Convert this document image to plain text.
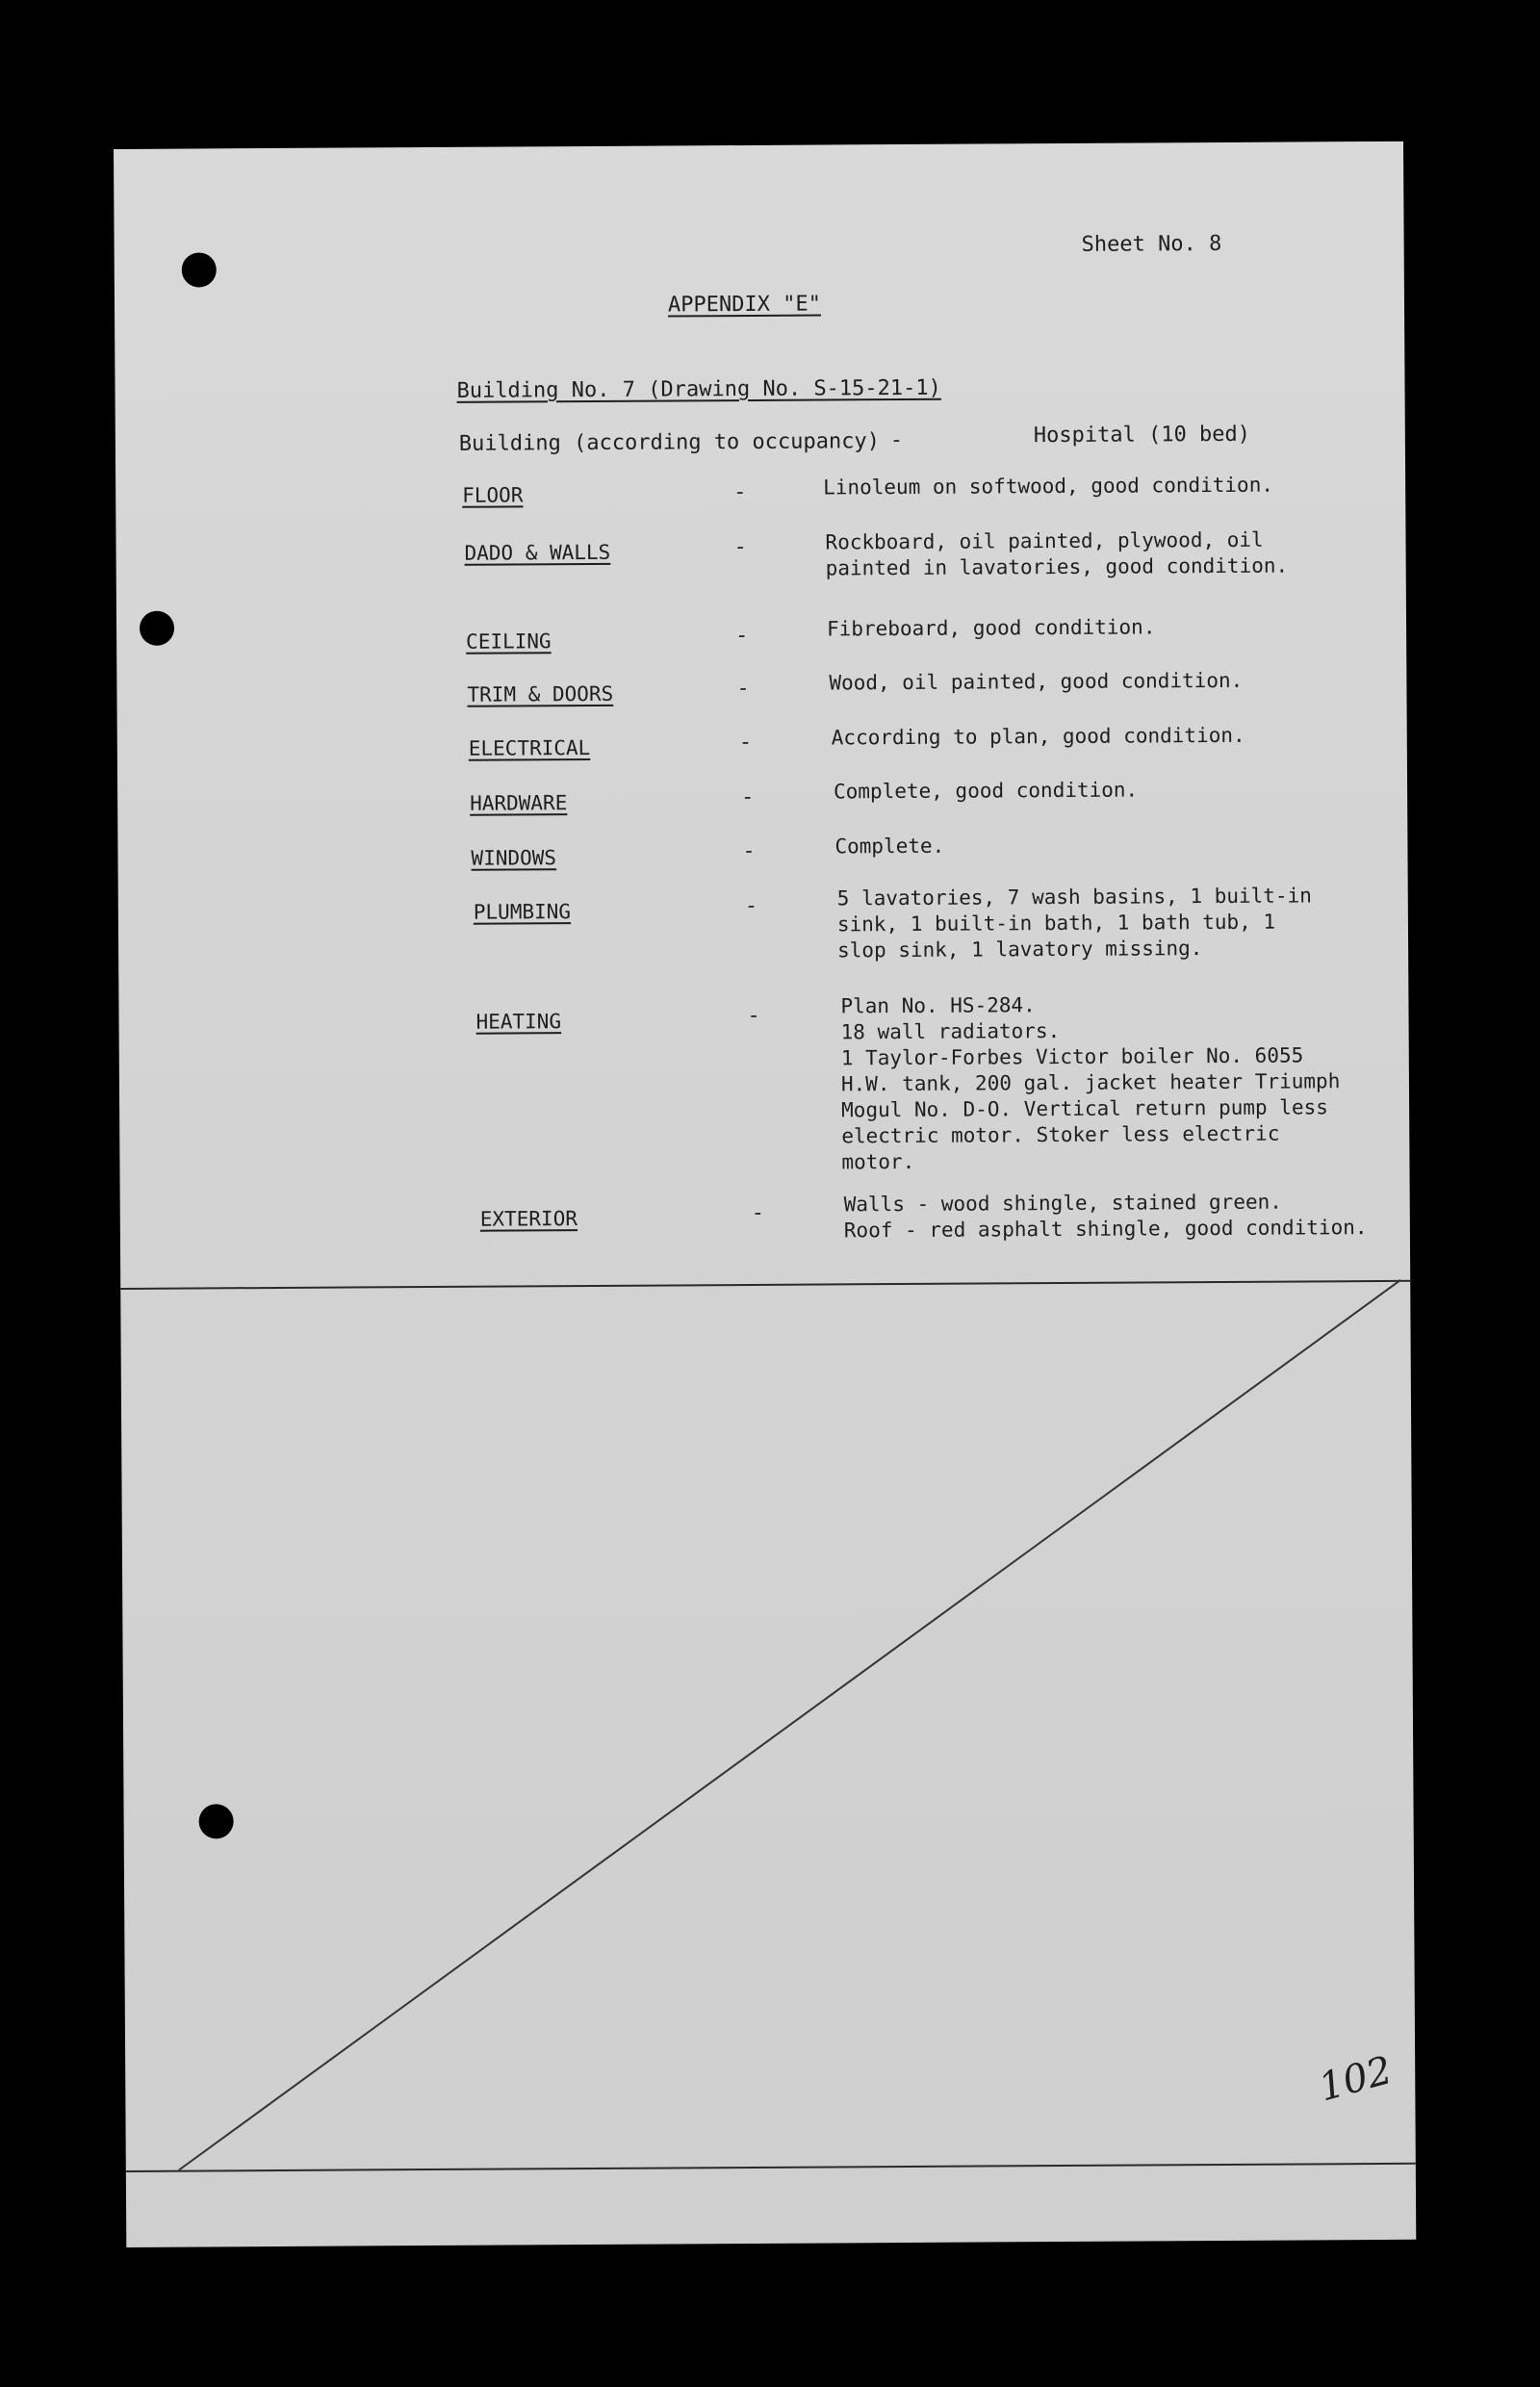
Sheet No. 8
APPENDIX "E"
Building No. 7 (Drawing No. S-15-21-1)
Building (according to occupancy) -	Hospital (10 bed)
FLOOR	-	Linoleum on softwood, good condition.
DADO & WALLS	-	Rockboard, oil painted, plywood, oil
painted in lavatories, good condition.
CEILING	-	Fibreboard, good condition.
TRIM & DOORS	-	Wood, oil painted, good condition.
ELECTRICAL	-	According to plan, good condition.
HARDWARE	-	Complete, good condition.
WINDOWS	-	Complete.
PLUMBING	-	5 lavatories, 7 wash basins, 1 built-in
sink, 1 built-in bath, 1 bath tub, 1
slop sink, 1 lavatory missing.
HEATING	-	Plan No. HS-284.
18 wall radiators.
1 Taylor-Forbes Victor boiler No. 6055
H.W. tank, 200 gal. jacket heater Triumph
Mogul No. D-O. Vertical return pump less
electric motor. Stoker less electric
motor.
EXTERIOR	-	Walls - wood shingle, stained green.
Roof - red asphalt shingle, good condition.
102
